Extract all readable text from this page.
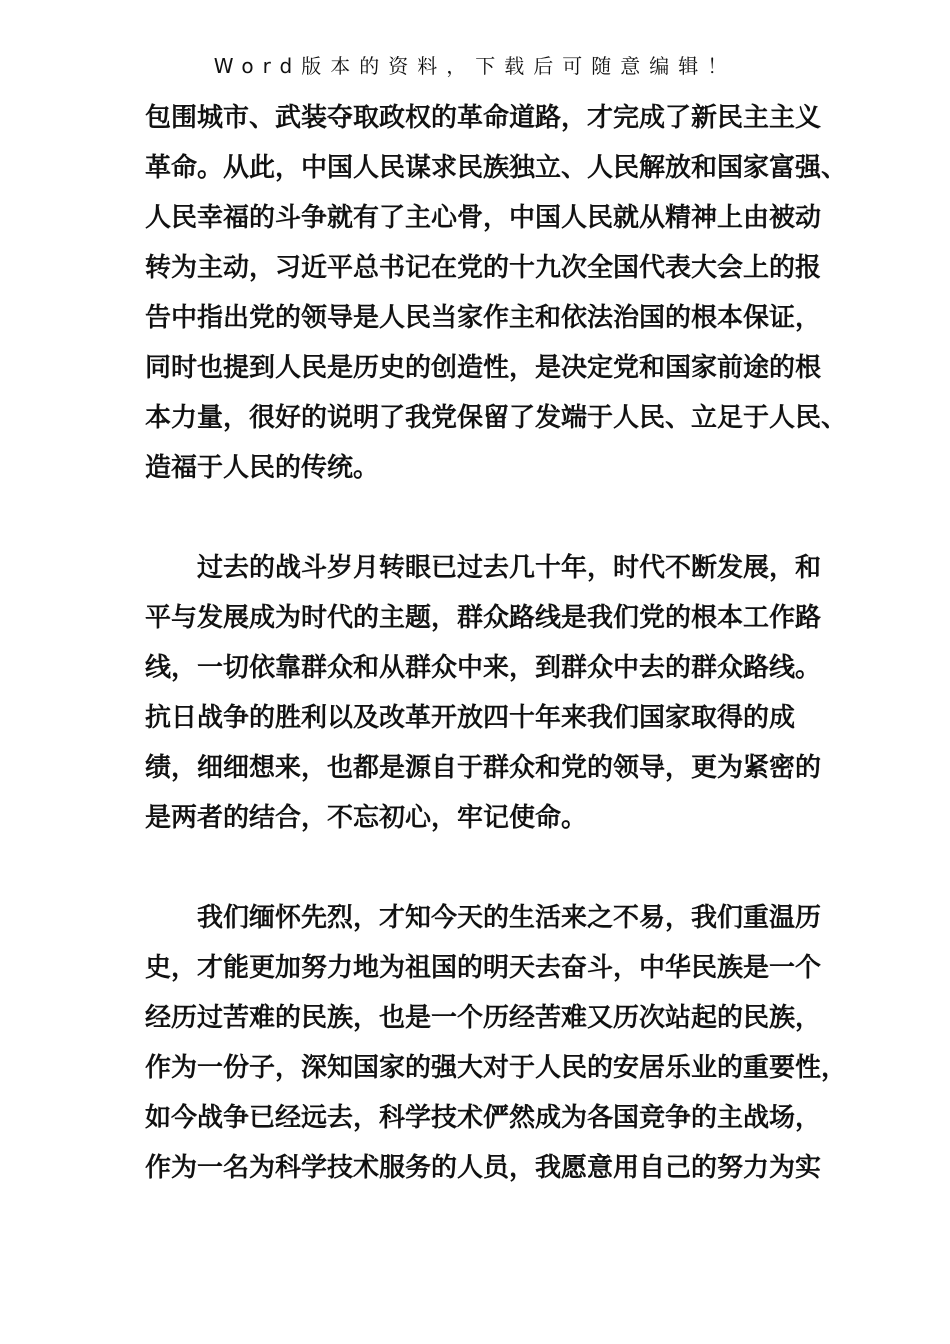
Word版本的资料，下载后可随意编辑！
包围城市、武装夺取政权的革命道路，才完成了新民主主义
革命。从此，中国人民谋求民族独立、人民解放和国家富强、
人民幸福的斗争就有了主心骨，中国人民就从精神上由被动
转为主动，习近平总书记在党的十九次全国代表大会上的报
告中指出党的领导是人民当家作主和依法治国的根本保证，
同时也提到人民是历史的创造性，是决定党和国家前途的根
本力量，很好的说明了我党保留了发端于人民、立足于人民、
造福于人民的传统。
　　过去的战斗岁月转眼已过去几十年，时代不断发展，和
平与发展成为时代的主题，群众路线是我们党的根本工作路
线，一切依靠群众和从群众中来，到群众中去的群众路线。
抗日战争的胜利以及改革开放四十年来我们国家取得的成
绩，细细想来，也都是源自于群众和党的领导，更为紧密的
是两者的结合，不忘初心，牢记使命。
　　我们缅怀先烈，才知今天的生活来之不易，我们重温历
史，才能更加努力地为祖国的明天去奋斗，中华民族是一个
经历过苦难的民族，也是一个历经苦难又历次站起的民族，
作为一份子，深知国家的强大对于人民的安居乐业的重要性，
如今战争已经远去，科学技术俨然成为各国竞争的主战场，
作为一名为科学技术服务的人员，我愿意用自己的努力为实
